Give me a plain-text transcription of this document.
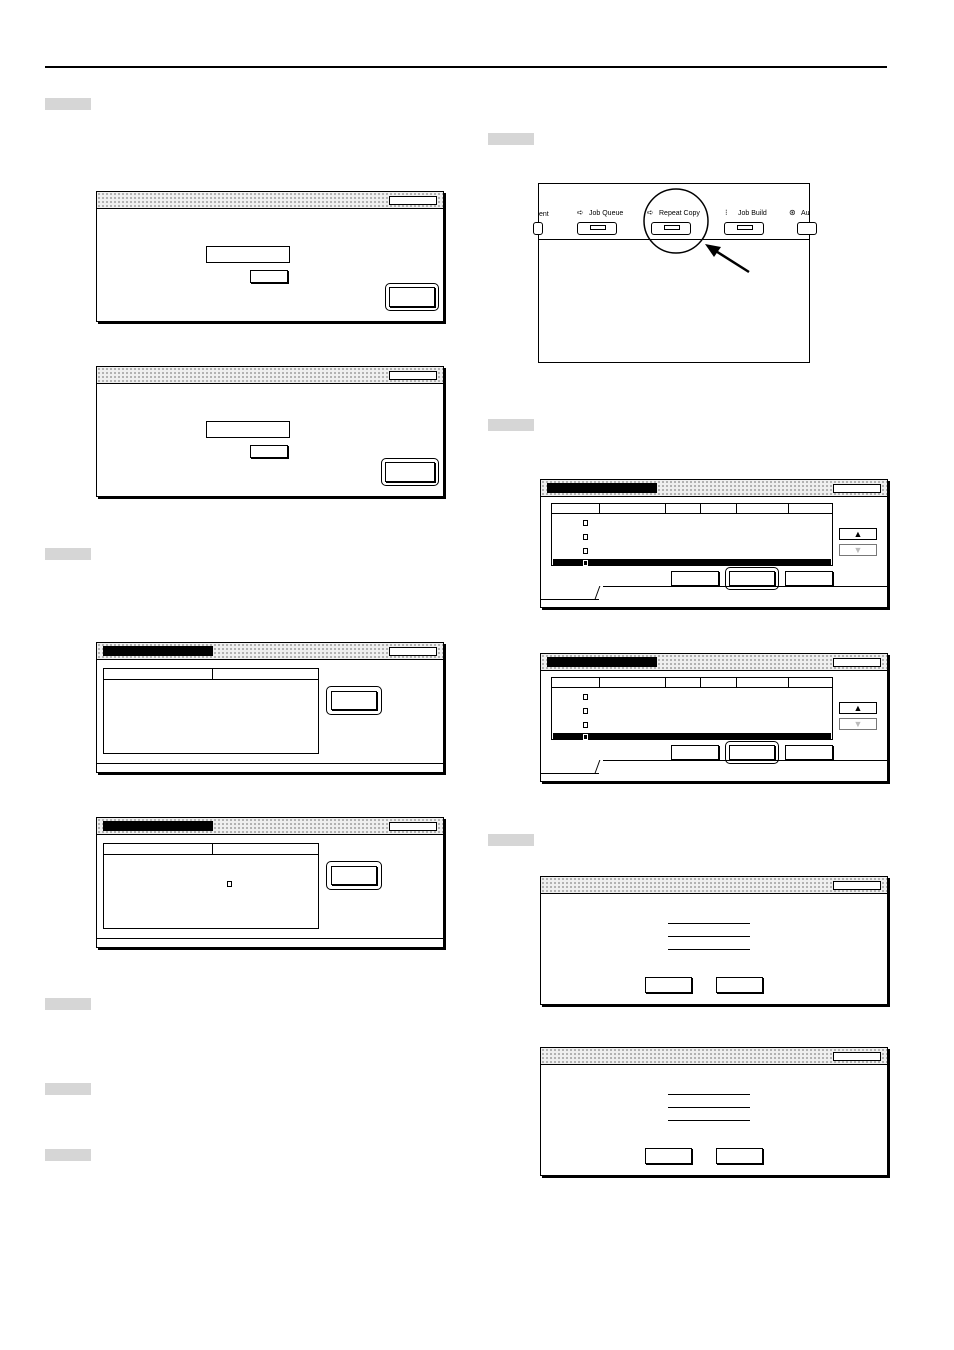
ent	➪ Job Queue	➪ Repeat Copy	⁝ Job Build	⊛ Au
▲
▼
▲
▼
